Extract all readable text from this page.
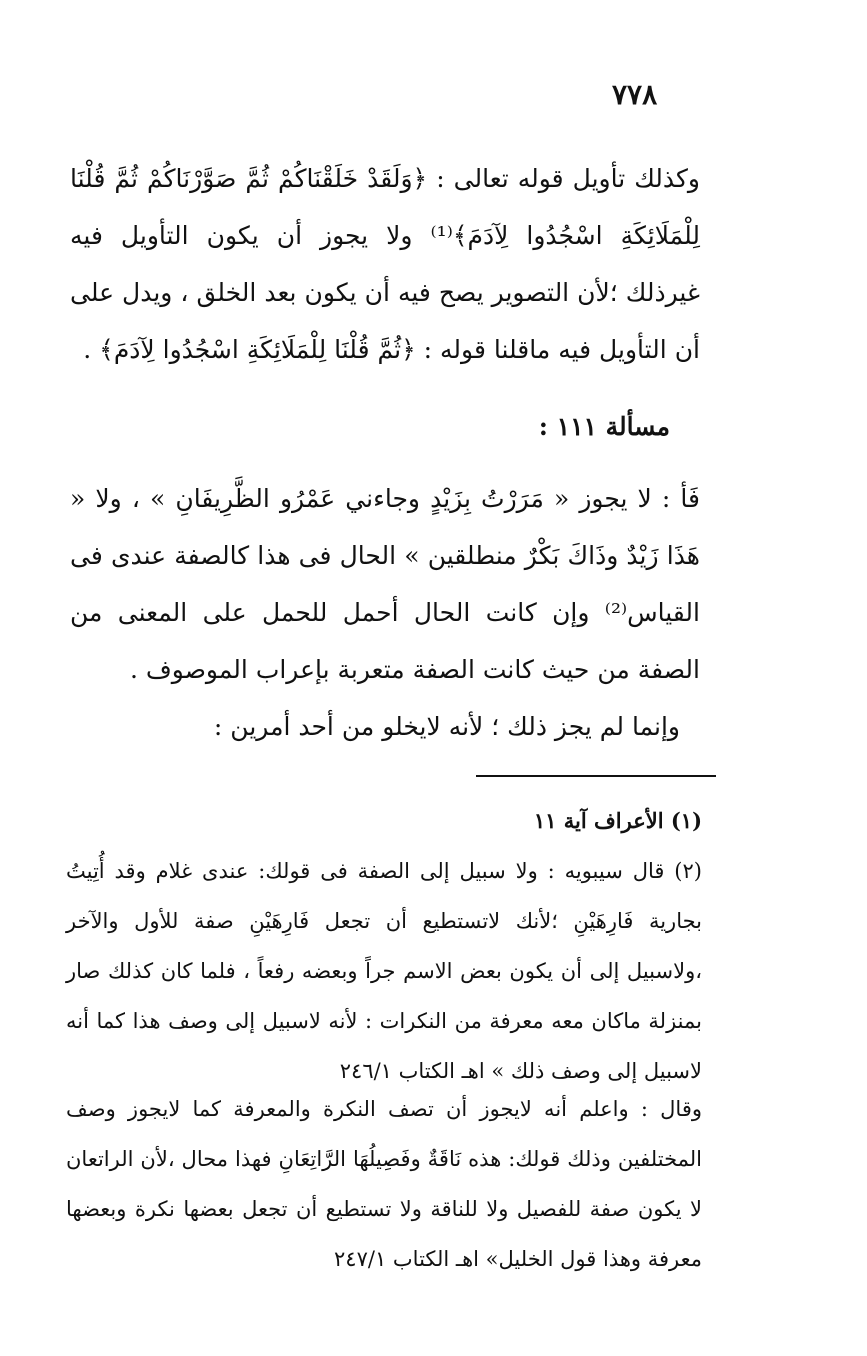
٧٧٨

وكذلك تأويل قوله تعالى : ﴿وَلَقَدْ خَلَقْنَاكُمْ ثُمَّ صَوَّرْنَاكُمْ ثُمَّ قُلْنَا لِلْمَلَائِكَةِ اسْجُدُوا لِآدَمَ﴾⁽¹⁾ ولا يجوز أن يكون التأويل فيه غيرذلك ؛لأن التصوير يصح فيه أن يكون بعد الخلق ، ويدل على أن التأويل فيه ماقلنا قوله : ﴿ثُمَّ قُلْنَا لِلْمَلَائِكَةِ اسْجُدُوا لِآدَمَ﴾ .

مسألة ١١١ :

فَأ : لا يجوز « مَرَرْتُ بِزَيْدٍ وجاءني عَمْرُو الظَّرِيفَانِ » ، ولا « هَذَا زَيْدٌ وذَاكَ بَكْرٌ منطلقين » الحال فى هذا كالصفة عندى فى القياس⁽²⁾ وإن كانت الحال أحمل للحمل على المعنى من الصفة من حيث كانت الصفة متعربة بإعراب الموصوف .

وإنما لم يجز ذلك ؛ لأنه لايخلو من أحد أمرين :

(١) الأعراف آية ١١

(٢) قال سيبويه : ولا سبيل إلى الصفة فى قولك: عندى غلام وقد أُتِيتُ بجارية فَارِهَيْنِ ؛لأنك لاتستطيع أن تجعل فَارِهَيْنِ صفة للأول والآخر ،ولاسبيل إلى أن يكون بعض الاسم جراً وبعضه رفعاً ، فلما كان كذلك صار بمنزلة ماكان معه معرفة من النكرات : لأنه لاسبيل إلى وصف هذا كما أنه لاسبيل إلى وصف ذلك » اهـ الكتاب ٢٤٦/١

وقال : واعلم أنه لايجوز أن تصف النكرة والمعرفة كما لايجوز وصف المختلفين وذلك قولك: هذه نَاقَةٌ وفَصِيلُهَا الرَّاتِعَانِ فهذا محال ،لأن الراتعان لا يكون صفة للفصيل ولا للناقة ولا تستطيع أن تجعل بعضها نكرة وبعضها معرفة وهذا قول الخليل» اهـ الكتاب ٢٤٧/١
